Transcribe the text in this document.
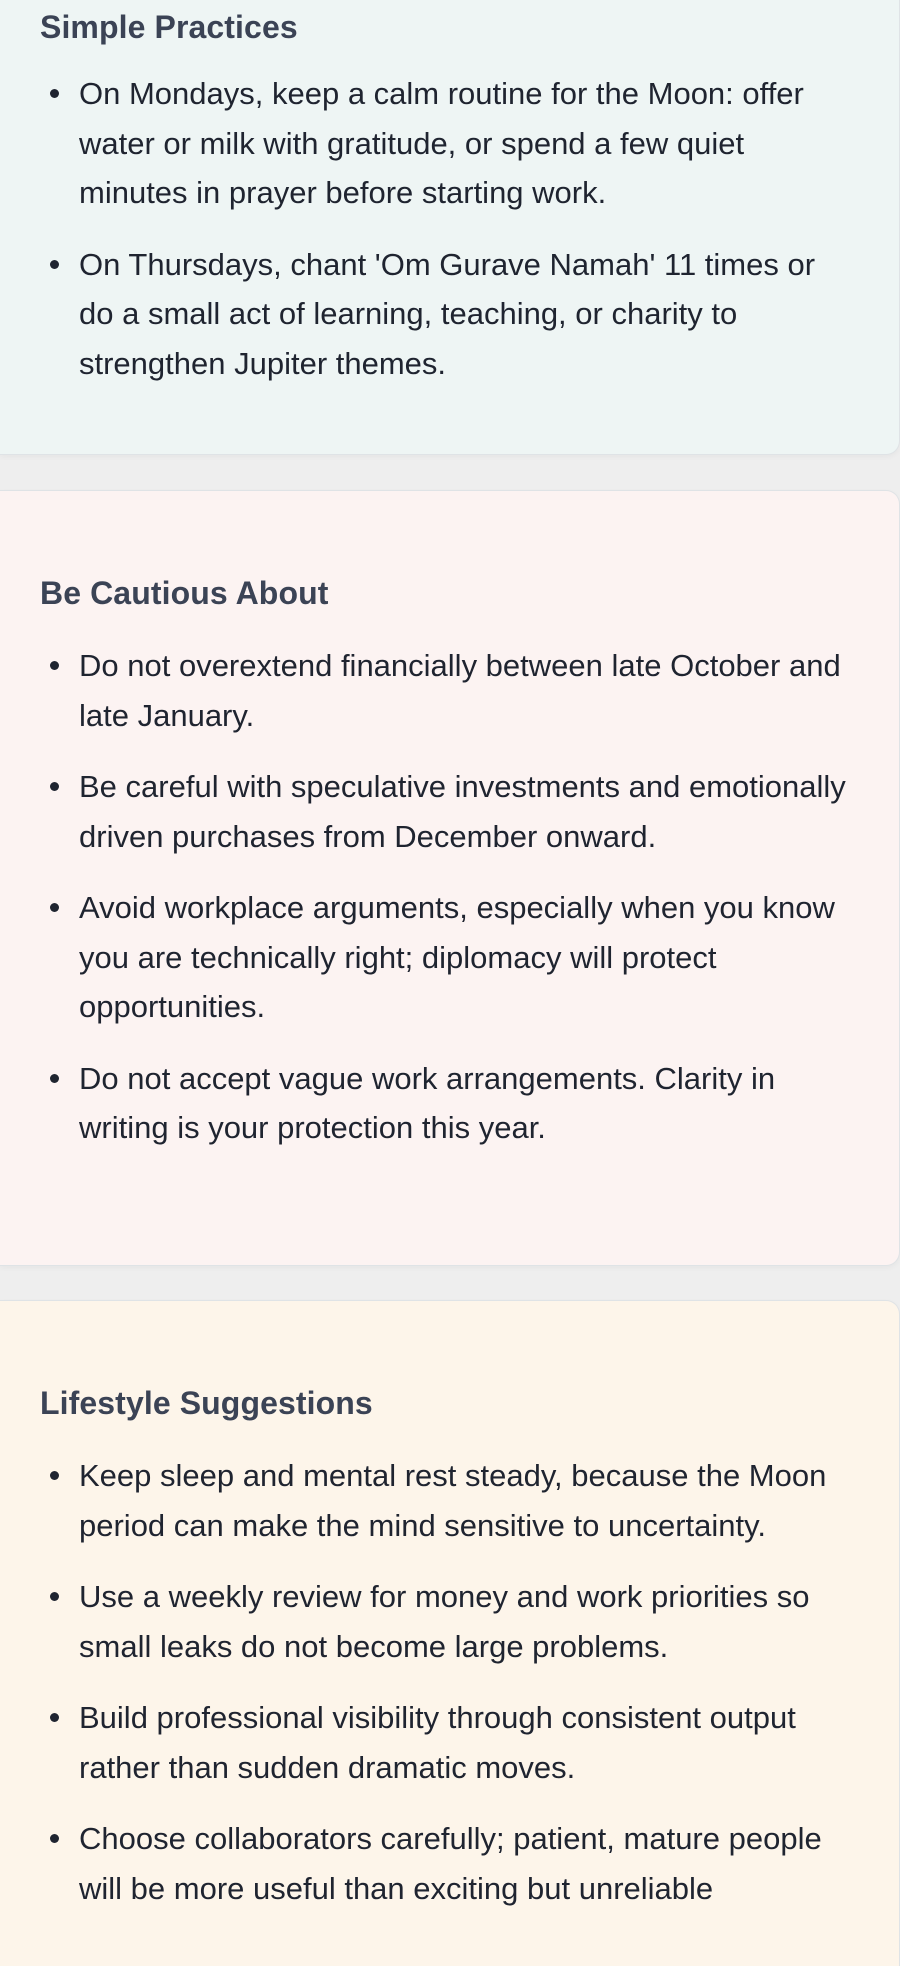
Simple Practices
On Mondays, keep a calm routine for the Moon: offer water or milk with gratitude, or spend a few quiet minutes in prayer before starting work.
On Thursdays, chant 'Om Gurave Namah' 11 times or do a small act of learning, teaching, or charity to strengthen Jupiter themes.
Be Cautious About
Do not overextend financially between late October and late January.
Be careful with speculative investments and emotionally driven purchases from December onward.
Avoid workplace arguments, especially when you know you are technically right; diplomacy will protect opportunities.
Do not accept vague work arrangements. Clarity in writing is your protection this year.
Lifestyle Suggestions
Keep sleep and mental rest steady, because the Moon period can make the mind sensitive to uncertainty.
Use a weekly review for money and work priorities so small leaks do not become large problems.
Build professional visibility through consistent output rather than sudden dramatic moves.
Choose collaborators carefully; patient, mature people will be more useful than exciting but unreliable
